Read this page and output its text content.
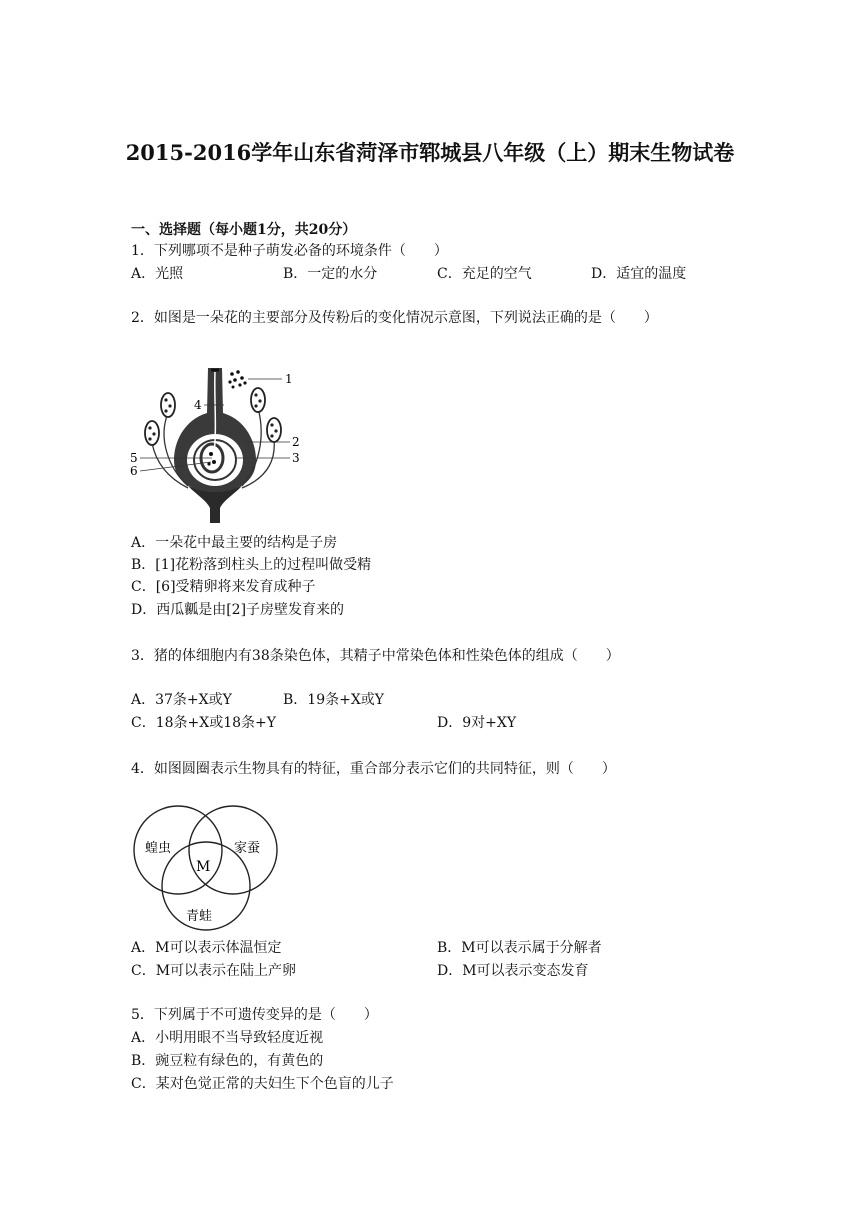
2015-2016学年山东省菏泽市郓城县八年级（上）期末生物试卷
一、选择题（每小题1分，共20分）
1．下列哪项不是种子萌发必备的环境条件（　　）
A．光照	B．一定的水分	C．充足的空气	D．适宜的温度
2．如图是一朵花的主要部分及传粉后的变化情况示意图，下列说法正确的是（　　）
1
2
3
4
5
6
A．一朵花中最主要的结构是子房
B．[1]花粉落到柱头上的过程叫做受精
C．[6]受精卵将来发育成种子
D．西瓜瓤是由[2]子房壁发育来的
3．猪的体细胞内有38条染色体，其精子中常染色体和性染色体的组成（　　）
A．37条+X或Y	B．19条+X或Y
C．18条+X或18条+Y	D．9对+XY
4．如图圆圈表示生物具有的特征，重合部分表示它们的共同特征，则（　　）
蝗虫	家蚕
青蛙
M
A．M可以表示体温恒定	B．M可以表示属于分解者
C．M可以表示在陆上产卵	D．M可以表示变态发育
5．下列属于不可遗传变异的是（　　）
A．小明用眼不当导致轻度近视
B．豌豆粒有绿色的，有黄色的
C．某对色觉正常的夫妇生下个色盲的儿子
